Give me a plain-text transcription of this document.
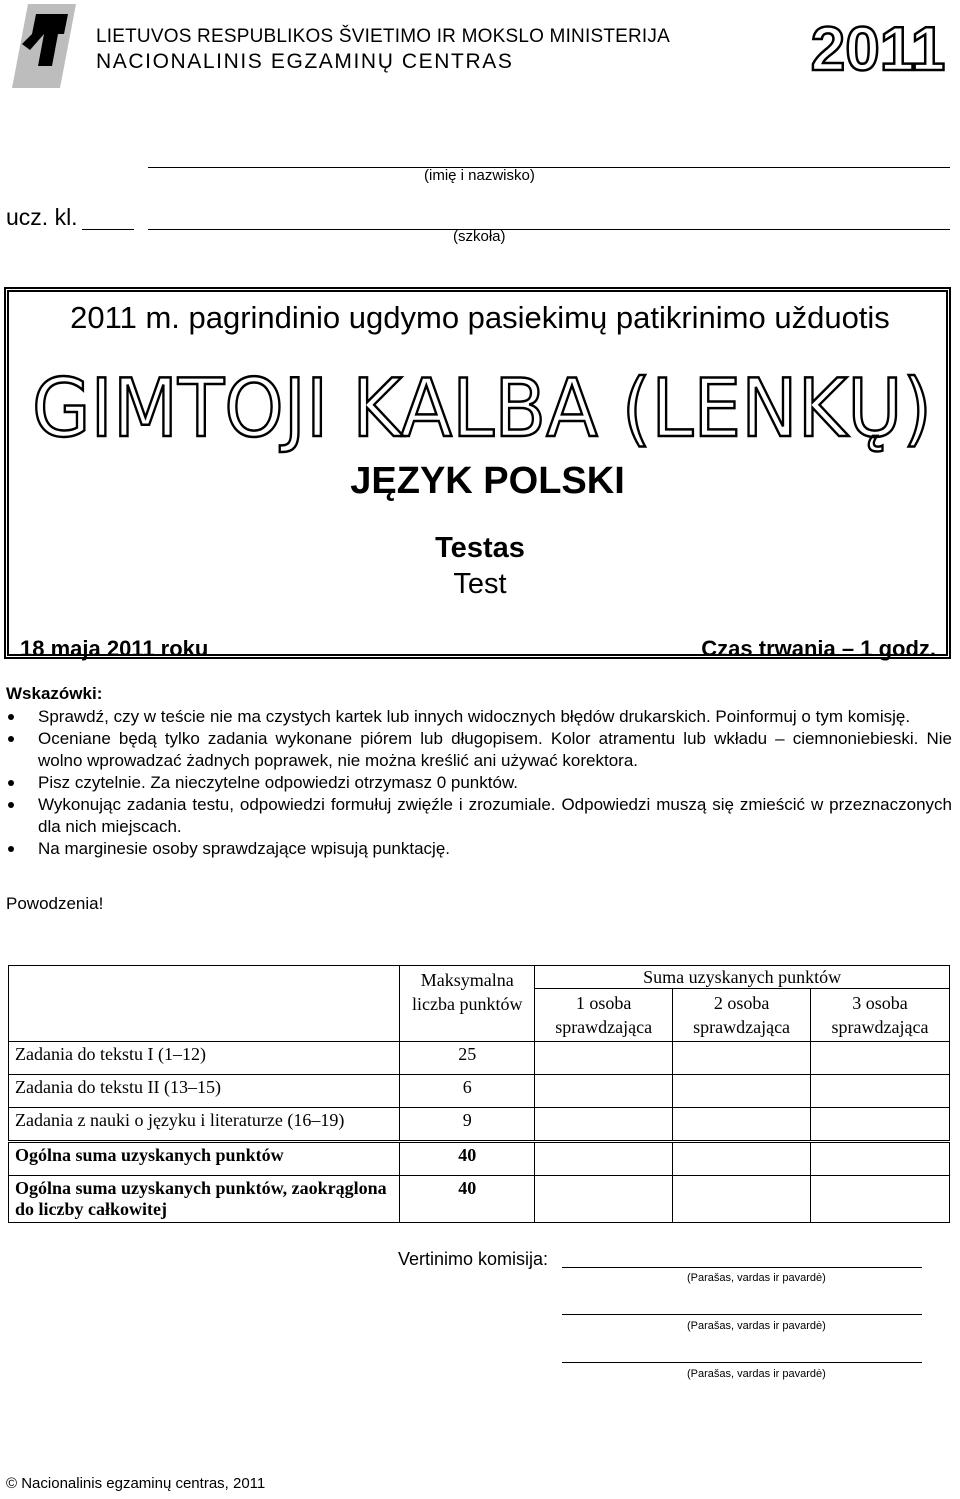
LIETUVOS RESPUBLIKOS ŠVIETIMO IR MOKSLO MINISTERIJA
NACIONALINIS EGZAMINŲ CENTRAS	2011
(imię i nazwisko)
ucz. kl.
(szkoła)
2011 m. pagrindinio ugdymo pasiekimų patikrinimo užduotis
GIMTOJI KALBA (LENKŲ)
JĘZYK POLSKI
Testas
Test
18 maja 2011 roku	Czas trwania – 1 godz.
Wskazówki:
Sprawdź, czy w teście nie ma czystych kartek lub innych widocznych błędów drukarskich. Poinformuj o tym komisję.
Oceniane będą tylko zadania wykonane piórem lub długopisem. Kolor atramentu lub wkładu – ciemnoniebieski. Nie wolno wprowadzać żadnych poprawek, nie można kreślić ani używać korektora.
Pisz czytelnie. Za nieczytelne odpowiedzi otrzymasz 0 punktów.
Wykonując zadania testu, odpowiedzi formułuj zwięźle i zrozumiale. Odpowiedzi muszą się zmieścić w przeznaczonych dla nich miejscach.
Na marginesie osoby sprawdzające wpisują punktację.
Powodzenia!
	Maksymalna liczba punktów	Suma uzyskanych punktów		
		1 osoba sprawdzająca	2 osoba sprawdzająca	3 osoba sprawdzająca
Zadania do tekstu I (1–12)	25			
Zadania do tekstu II (13–15)	6			
Zadania z nauki o języku i literaturze (16–19)	9			
Ogólna suma uzyskanych punktów	40			
Ogólna suma uzyskanych punktów, zaokrąglona do liczby całkowitej	40			
Vertinimo komisija:
(Parašas, vardas ir pavardė)
(Parašas, vardas ir pavardė)
(Parašas, vardas ir pavardė)
© Nacionalinis egzaminų centras, 2011
